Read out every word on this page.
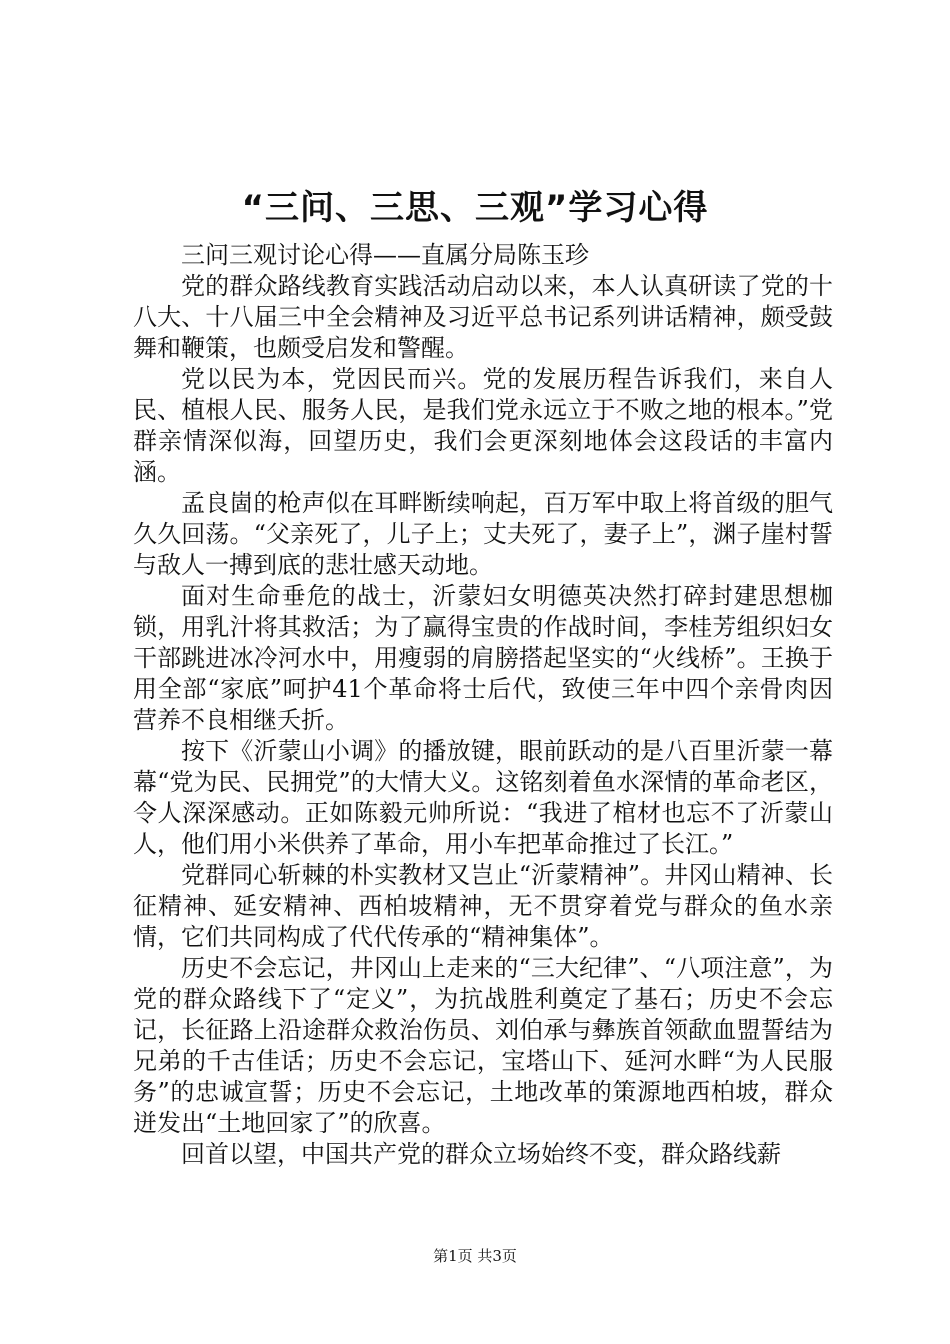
“三问、三思、三观”学习心得

三问三观讨论心得——直属分局陈玉珍

党的群众路线教育实践活动启动以来，本人认真研读了党的十八大、十八届三中全会精神及习近平总书记系列讲话精神，颇受鼓舞和鞭策，也颇受启发和警醒。

党以民为本，党因民而兴。党的发展历程告诉我们，来自人民、植根人民、服务人民，是我们党永远立于不败之地的根本。”党群亲情深似海，回望历史，我们会更深刻地体会这段话的丰富内涵。

孟良崮的枪声似在耳畔断续响起，百万军中取上将首级的胆气久久回荡。“父亲死了，儿子上；丈夫死了，妻子上”，渊子崖村誓与敌人一搏到底的悲壮感天动地。

面对生命垂危的战士，沂蒙妇女明德英决然打碎封建思想枷锁，用乳汁将其救活；为了赢得宝贵的作战时间，李桂芳组织妇女干部跳进冰冷河水中，用瘦弱的肩膀搭起坚实的“火线桥”。王换于用全部“家底”呵护41个革命将士后代，致使三年中四个亲骨肉因营养不良相继夭折。

按下《沂蒙山小调》的播放键，眼前跃动的是八百里沂蒙一幕幕“党为民、民拥党”的大情大义。这铭刻着鱼水深情的革命老区，令人深深感动。正如陈毅元帅所说：“我进了棺材也忘不了沂蒙山人，他们用小米供养了革命，用小车把革命推过了长江。”

党群同心斩棘的朴实教材又岂止“沂蒙精神”。井冈山精神、长征精神、延安精神、西柏坡精神，无不贯穿着党与群众的鱼水亲情，它们共同构成了代代传承的“精神集体”。

历史不会忘记，井冈山上走来的“三大纪律”、“八项注意”，为党的群众路线下了“定义”，为抗战胜利奠定了基石；历史不会忘记，长征路上沿途群众救治伤员、刘伯承与彝族首领歃血盟誓结为兄弟的千古佳话；历史不会忘记，宝塔山下、延河水畔“为人民服务”的忠诚宣誓；历史不会忘记，土地改革的策源地西柏坡，群众迸发出“土地回家了”的欣喜。

回首以望，中国共产党的群众立场始终不变，群众路线薪

第1页 共3页
